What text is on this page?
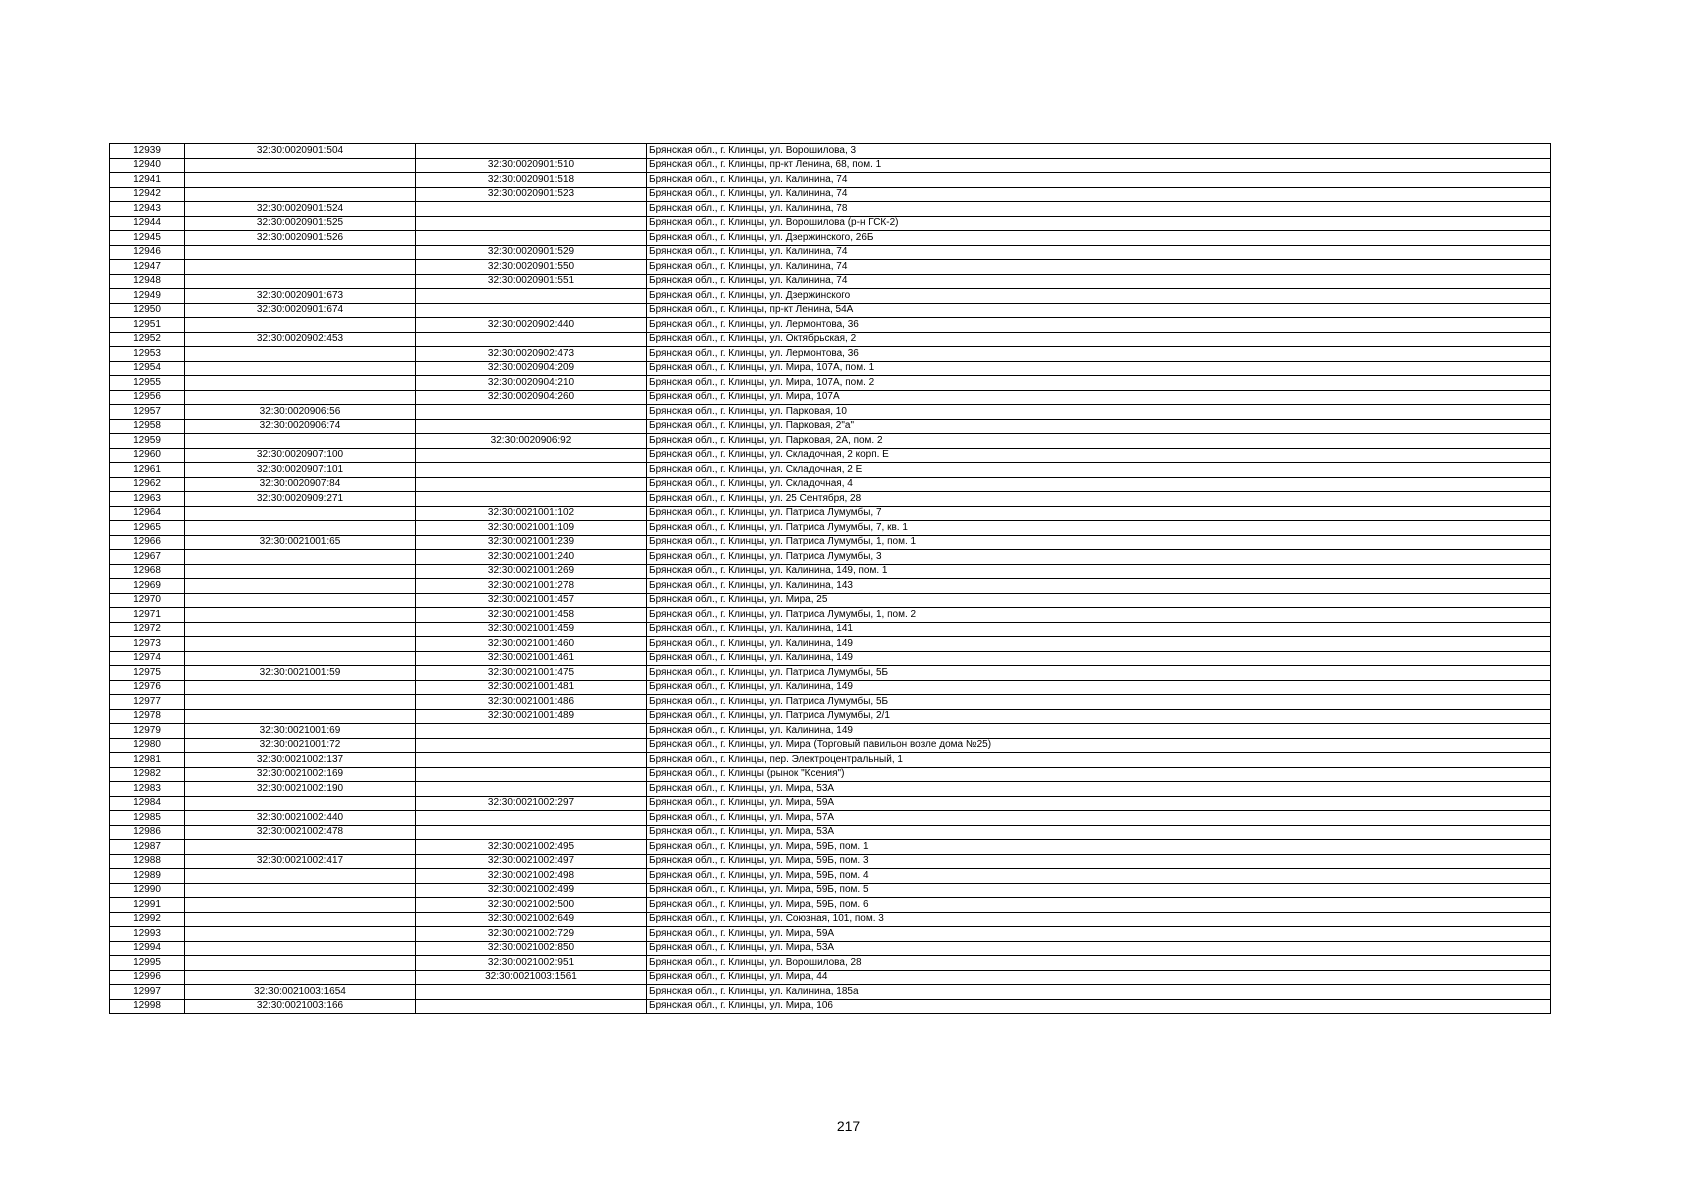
12939	32:30:0020901:504		Брянская обл., г. Клинцы, ул. Ворошилова, 3
12940		32:30:0020901:510	Брянская обл., г. Клинцы, пр-кт Ленина, 68, пом. 1
12941		32:30:0020901:518	Брянская обл., г. Клинцы, ул. Калинина, 74
12942		32:30:0020901:523	Брянская обл., г. Клинцы, ул. Калинина, 74
12943	32:30:0020901:524		Брянская обл., г. Клинцы, ул. Калинина, 78
12944	32:30:0020901:525		Брянская обл., г. Клинцы, ул. Ворошилова (р-н ГСК-2)
12945	32:30:0020901:526		Брянская обл., г. Клинцы, ул. Дзержинского, 26Б
12946		32:30:0020901:529	Брянская обл., г. Клинцы, ул. Калинина, 74
12947		32:30:0020901:550	Брянская обл., г. Клинцы, ул. Калинина, 74
12948		32:30:0020901:551	Брянская обл., г. Клинцы, ул. Калинина, 74
12949	32:30:0020901:673		Брянская обл., г. Клинцы, ул. Дзержинского
12950	32:30:0020901:674		Брянская обл., г. Клинцы, пр-кт Ленина, 54А
12951		32:30:0020902:440	Брянская обл., г. Клинцы, ул. Лермонтова, 36
12952	32:30:0020902:453		Брянская обл., г. Клинцы, ул. Октябрьская, 2
12953		32:30:0020902:473	Брянская обл., г. Клинцы, ул. Лермонтова, 36
12954		32:30:0020904:209	Брянская обл., г. Клинцы, ул. Мира, 107А, пом. 1
12955		32:30:0020904:210	Брянская обл., г. Клинцы, ул. Мира, 107А, пом. 2
12956		32:30:0020904:260	Брянская обл., г. Клинцы, ул. Мира, 107А
12957	32:30:0020906:56		Брянская обл., г. Клинцы, ул. Парковая, 10
12958	32:30:0020906:74		Брянская обл., г. Клинцы, ул. Парковая, 2"а"
12959		32:30:0020906:92	Брянская обл., г. Клинцы, ул. Парковая, 2А, пом. 2
12960	32:30:0020907:100		Брянская обл., г. Клинцы, ул. Складочная, 2 корп. Е
12961	32:30:0020907:101		Брянская обл., г. Клинцы, ул. Складочная, 2 Е
12962	32:30:0020907:84		Брянская обл., г. Клинцы, ул. Складочная, 4
12963	32:30:0020909:271		Брянская обл., г. Клинцы, ул. 25 Сентября, 28
12964		32:30:0021001:102	Брянская обл., г. Клинцы, ул. Патриса Лумумбы, 7
12965		32:30:0021001:109	Брянская обл., г. Клинцы, ул. Патриса Лумумбы, 7, кв. 1
12966	32:30:0021001:65	32:30:0021001:239	Брянская обл., г. Клинцы, ул. Патриса Лумумбы, 1, пом. 1
12967		32:30:0021001:240	Брянская обл., г. Клинцы, ул. Патриса Лумумбы, 3
12968		32:30:0021001:269	Брянская обл., г. Клинцы, ул. Калинина, 149, пом. 1
12969		32:30:0021001:278	Брянская обл., г. Клинцы, ул. Калинина, 143
12970		32:30:0021001:457	Брянская обл., г. Клинцы, ул. Мира, 25
12971		32:30:0021001:458	Брянская обл., г. Клинцы, ул. Патриса Лумумбы, 1, пом. 2
12972		32:30:0021001:459	Брянская обл., г. Клинцы, ул. Калинина, 141
12973		32:30:0021001:460	Брянская обл., г. Клинцы, ул. Калинина, 149
12974		32:30:0021001:461	Брянская обл., г. Клинцы, ул. Калинина, 149
12975	32:30:0021001:59	32:30:0021001:475	Брянская обл., г. Клинцы, ул. Патриса Лумумбы, 5Б
12976		32:30:0021001:481	Брянская обл., г. Клинцы, ул. Калинина, 149
12977		32:30:0021001:486	Брянская обл., г. Клинцы, ул. Патриса Лумумбы, 5Б
12978		32:30:0021001:489	Брянская обл., г. Клинцы, ул. Патриса Лумумбы, 2/1
12979	32:30:0021001:69		Брянская обл., г. Клинцы, ул. Калинина, 149
12980	32:30:0021001:72		Брянская обл., г. Клинцы, ул. Мира (Торговый павильон возле дома №25)
12981	32:30:0021002:137		Брянская обл., г. Клинцы, пер. Электроцентральный, 1
12982	32:30:0021002:169		Брянская обл., г. Клинцы (рынок "Ксения")
12983	32:30:0021002:190		Брянская обл., г. Клинцы, ул. Мира, 53А
12984		32:30:0021002:297	Брянская обл., г. Клинцы, ул. Мира, 59А
12985	32:30:0021002:440		Брянская обл., г. Клинцы, ул. Мира, 57А
12986	32:30:0021002:478		Брянская обл., г. Клинцы, ул. Мира, 53А
12987		32:30:0021002:495	Брянская обл., г. Клинцы, ул. Мира, 59Б, пом. 1
12988	32:30:0021002:417	32:30:0021002:497	Брянская обл., г. Клинцы, ул. Мира, 59Б, пом. 3
12989		32:30:0021002:498	Брянская обл., г. Клинцы, ул. Мира, 59Б, пом. 4
12990		32:30:0021002:499	Брянская обл., г. Клинцы, ул. Мира, 59Б, пом. 5
12991		32:30:0021002:500	Брянская обл., г. Клинцы, ул. Мира, 59Б, пом. 6
12992		32:30:0021002:649	Брянская обл., г. Клинцы, ул. Союзная, 101, пом. 3
12993		32:30:0021002:729	Брянская обл., г. Клинцы, ул. Мира, 59А
12994		32:30:0021002:850	Брянская обл., г. Клинцы, ул. Мира, 53А
12995		32:30:0021002:951	Брянская обл., г. Клинцы, ул. Ворошилова, 28
12996		32:30:0021003:1561	Брянская обл., г. Клинцы, ул. Мира, 44
12997	32:30:0021003:1654		Брянская обл., г. Клинцы, ул. Калинина, 185а
12998	32:30:0021003:166		Брянская обл., г. Клинцы, ул. Мира, 106
217
